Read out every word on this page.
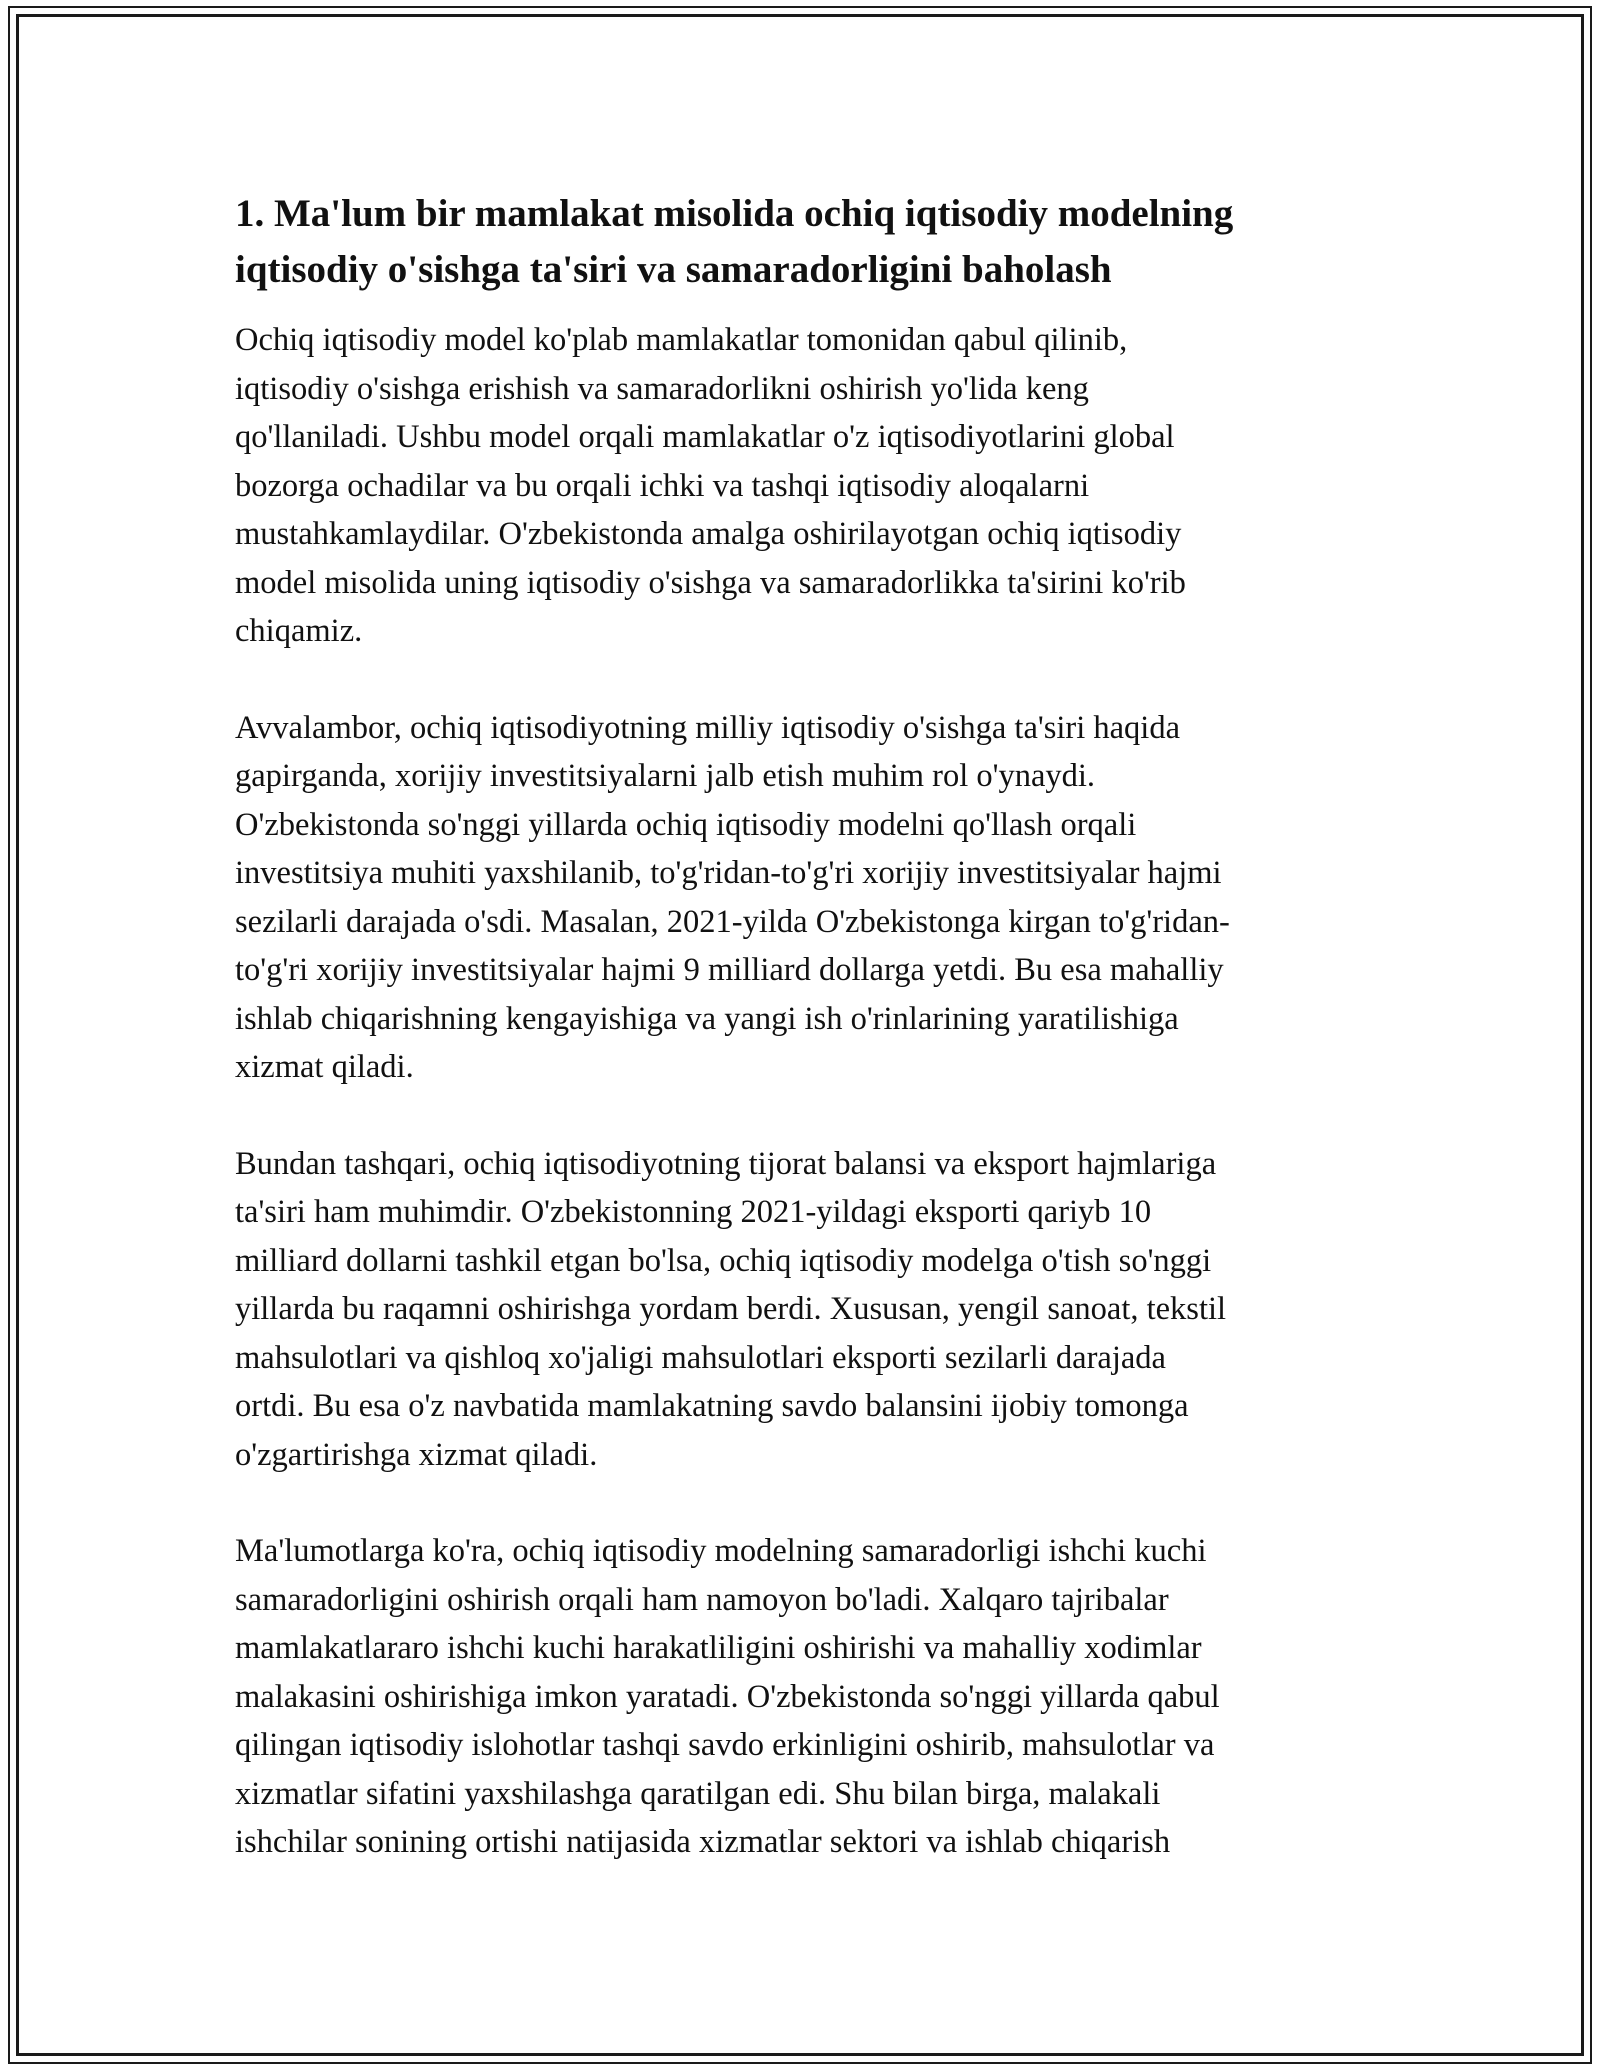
1. Ma'lum bir mamlakat misolida ochiq iqtisodiy modelning
iqtisodiy o'sishga ta'siri va samaradorligini baholash

Ochiq iqtisodiy model ko'plab mamlakatlar tomonidan qabul qilinib,
iqtisodiy o'sishga erishish va samaradorlikni oshirish yo'lida keng
qo'llaniladi. Ushbu model orqali mamlakatlar o'z iqtisodiyotlarini global
bozorga ochadilar va bu orqali ichki va tashqi iqtisodiy aloqalarni
mustahkamlaydilar. O'zbekistonda amalga oshirilayotgan ochiq iqtisodiy
model misolida uning iqtisodiy o'sishga va samaradorlikka ta'sirini ko'rib
chiqamiz.

Avvalambor, ochiq iqtisodiyotning milliy iqtisodiy o'sishga ta'siri haqida
gapirganda, xorijiy investitsiyalarni jalb etish muhim rol o'ynaydi.
O'zbekistonda so'nggi yillarda ochiq iqtisodiy modelni qo'llash orqali
investitsiya muhiti yaxshilanib, to'g'ridan-to'g'ri xorijiy investitsiyalar hajmi
sezilarli darajada o'sdi. Masalan, 2021-yilda O'zbekistonga kirgan to'g'ridan-
to'g'ri xorijiy investitsiyalar hajmi 9 milliard dollarga yetdi. Bu esa mahalliy
ishlab chiqarishning kengayishiga va yangi ish o'rinlarining yaratilishiga
xizmat qiladi.

Bundan tashqari, ochiq iqtisodiyotning tijorat balansi va eksport hajmlariga
ta'siri ham muhimdir. O'zbekistonning 2021-yildagi eksporti qariyb 10
milliard dollarni tashkil etgan bo'lsa, ochiq iqtisodiy modelga o'tish so'nggi
yillarda bu raqamni oshirishga yordam berdi. Xususan, yengil sanoat, tekstil
mahsulotlari va qishloq xo'jaligi mahsulotlari eksporti sezilarli darajada
ortdi. Bu esa o'z navbatida mamlakatning savdo balansini ijobiy tomonga
o'zgartirishga xizmat qiladi.

Ma'lumotlarga ko'ra, ochiq iqtisodiy modelning samaradorligi ishchi kuchi
samaradorligini oshirish orqali ham namoyon bo'ladi. Xalqaro tajribalar
mamlakatlararo ishchi kuchi harakatliligini oshirishi va mahalliy xodimlar
malakasini oshirishiga imkon yaratadi. O'zbekistonda so'nggi yillarda qabul
qilingan iqtisodiy islohotlar tashqi savdo erkinligini oshirib, mahsulotlar va
xizmatlar sifatini yaxshilashga qaratilgan edi. Shu bilan birga, malakali
ishchilar sonining ortishi natijasida xizmatlar sektori va ishlab chiqarish
